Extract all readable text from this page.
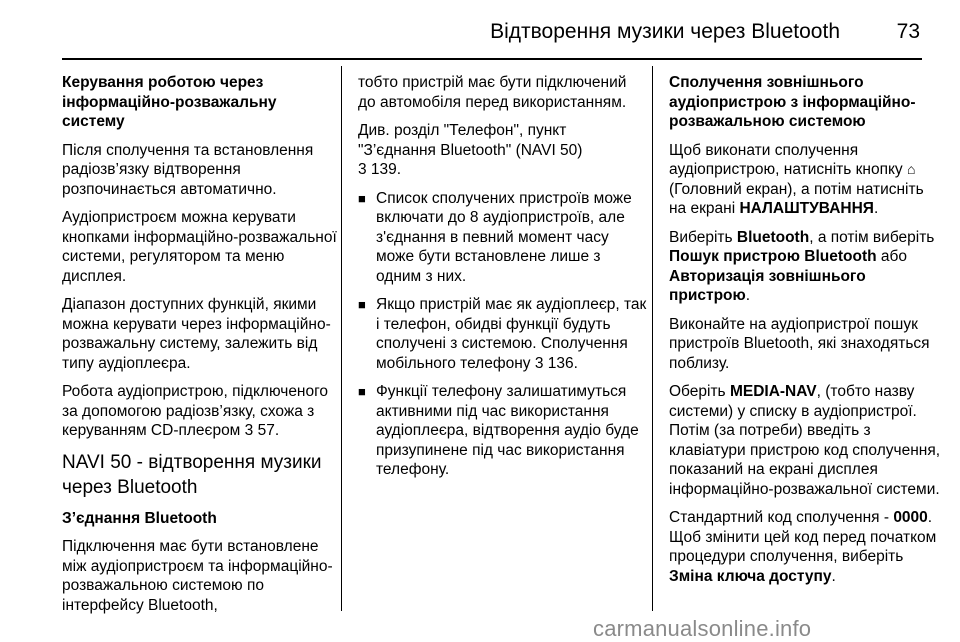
Відтворення музики через Bluetooth	73

Керування роботою через інформаційно-розважальну систему

Після сполучення та встановлення радіозв’язку відтворення розпочинається автоматично.

Аудіопристроєм можна керувати кнопками інформаційно-розважальної системи, регулятором та меню дисплея.

Діапазон доступних функцій, якими можна керувати через інформаційно-розважальну систему, залежить від типу аудіоплеєра.

Робота аудіопристрою, підключеного за допомогою радіозв’язку, схожа з керуванням CD-плеєром 3 57.

NAVI 50 - відтворення музики через Bluetooth

З’єднання Bluetooth

Підключення має бути встановлене між аудіопристроєм та інформаційно-розважальною системою по інтерфейсу Bluetooth,

тобто пристрій має бути підключений до автомобіля перед використанням.

Див. розділ "Телефон", пункт "З’єднання Bluetooth" (NAVI 50)
3 139.

■ Список сполучених пристроїв може включати до 8 аудіопристроїв, але з'єднання в певний момент часу може бути встановлене лише з одним з них.
■ Якщо пристрій має як аудіоплеєр, так і телефон, обидві функції будуть сполучені з системою. Сполучення мобільного телефону 3 136.
■ Функції телефону залишатимуться активними під час використання аудіоплеєра, відтворення аудіо буде призупинене під час використання телефону.

Сполучення зовнішнього аудіопристрою з інформаційно-розважальною системою

Щоб виконати сполучення аудіопристрою, натисніть кнопку ⌂ (Головний екран), а потім натисніть на екрані НАЛАШТУВАННЯ.

Виберіть Bluetooth, а потім виберіть Пошук пристрою Bluetooth або Авторизація зовнішнього пристрою.

Виконайте на аудіопристрої пошук пристроїв Bluetooth, які знаходяться поблизу.

Оберіть MEDIA-NAV, (тобто назву системи) у списку в аудіопристрої. Потім (за потреби) введіть з клавіатури пристрою код сполучення, показаний на екрані дисплея інформаційно-розважальної системи.

Стандартний код сполучення - 0000. Щоб змінити цей код перед початком процедури сполучення, виберіть Зміна ключа доступу.

carmanualsonline.info
